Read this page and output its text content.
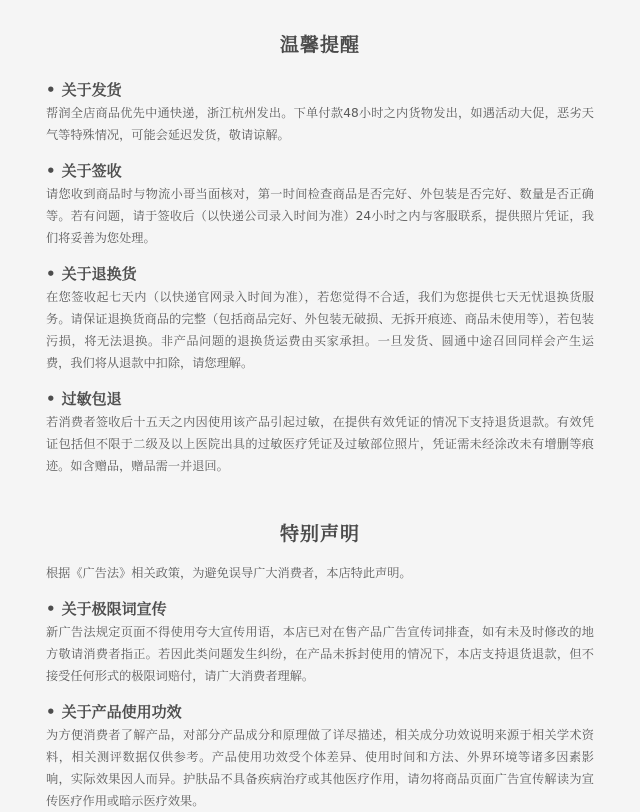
温馨提醒

• 关于发货

帮润全店商品优先中通快递，浙江杭州发出。下单付款48小时之内货物发出，如遇活动大促，恶劣天气等特殊情况，可能会延迟发货，敬请谅解。

• 关于签收

请您收到商品时与物流小哥当面核对，第一时间检查商品是否完好、外包装是否完好、数量是否正确等。若有问题，请于签收后（以快递公司录入时间为准）24小时之内与客服联系，提供照片凭证，我们将妥善为您处理。

• 关于退换货

在您签收起七天内（以快递官网录入时间为准），若您觉得不合适，我们为您提供七天无忧退换货服务。请保证退换货商品的完整（包括商品完好、外包装无破损、无拆开痕迹、商品未使用等），若包装污损，将无法退换。非产品问题的退换货运费由买家承担。一旦发货、圆通中途召回同样会产生运费，我们将从退款中扣除，请您理解。

• 过敏包退

若消费者签收后十五天之内因使用该产品引起过敏，在提供有效凭证的情况下支持退货退款。有效凭证包括但不限于二级及以上医院出具的过敏医疗凭证及过敏部位照片，凭证需未经涂改未有增删等痕迹。如含赠品，赠品需一并退回。

特别声明

根据《广告法》相关政策，为避免误导广大消费者，本店特此声明。

• 关于极限词宣传

新广告法规定页面不得使用夸大宣传用语，本店已对在售产品广告宣传词排查，如有未及时修改的地方敬请消费者指正。若因此类问题发生纠纷，在产品未拆封使用的情况下，本店支持退货退款，但不接受任何形式的极限词赔付，请广大消费者理解。

• 关于产品使用功效

为方便消费者了解产品，对部分产品成分和原理做了详尽描述，相关成分功效说明来源于相关学术资料，相关测评数据仅供参考。产品使用功效受个体差异、使用时间和方法、外界环境等诸多因素影响，实际效果因人而异。护肤品不具备疾病治疗或其他医疗作用，请勿将商品页面广告宣传解读为宣传医疗作用或暗示医疗效果。
